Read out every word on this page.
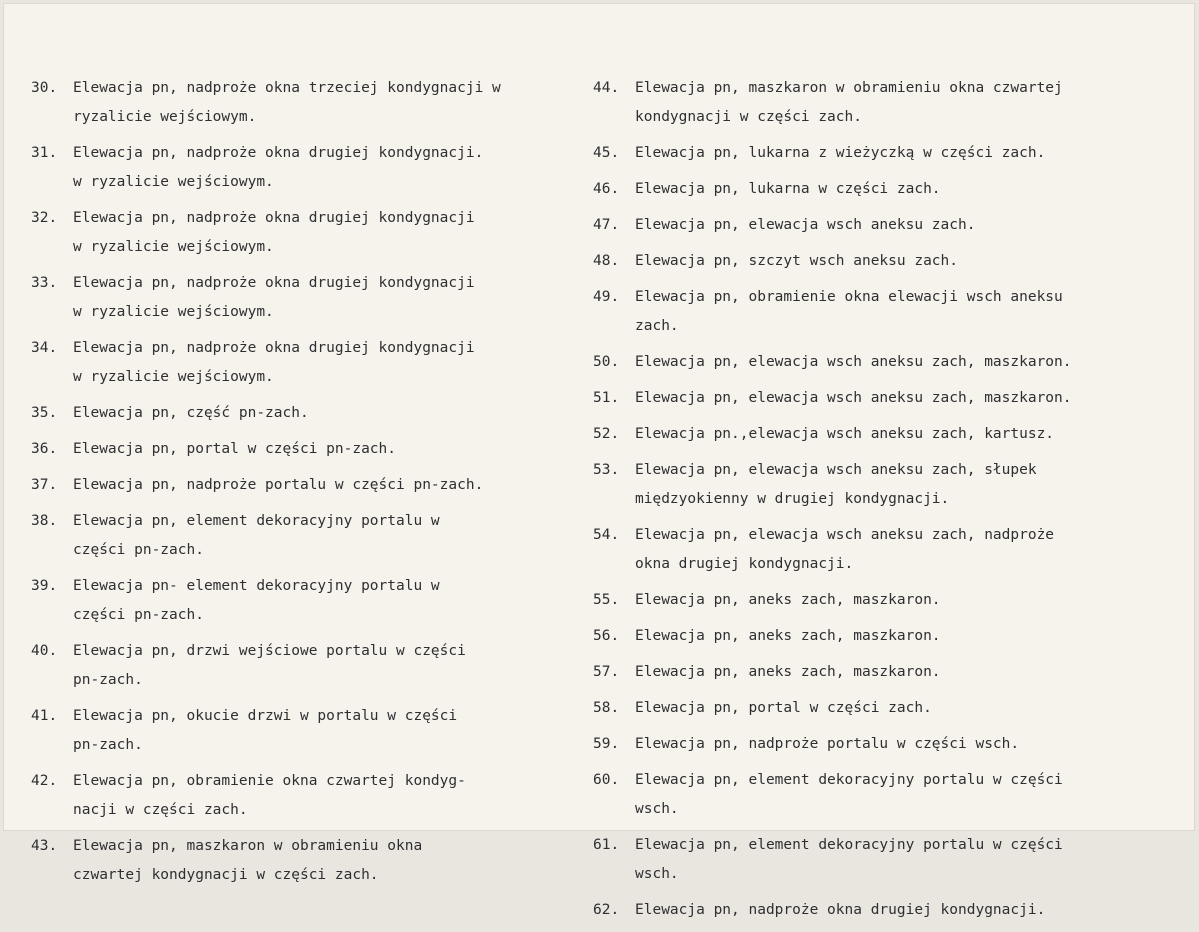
30.	Elewacja pn, nadproże okna trzeciej kondygnacji w
ryzalicie wejściowym.
31.	Elewacja pn, nadproże okna drugiej kondygnacji.
w ryzalicie wejściowym.
32.	Elewacja pn, nadproże okna drugiej kondygnacji
w ryzalicie wejściowym.
33.	Elewacja pn, nadproże okna drugiej kondygnacji
w ryzalicie wejściowym.
34.	Elewacja pn, nadproże okna drugiej kondygnacji
w ryzalicie wejściowym.
35.	Elewacja pn, część pn-zach.
36.	Elewacja pn, portal w części pn-zach.
37.	Elewacja pn, nadproże portalu w części pn-zach.
38.	Elewacja pn, element dekoracyjny portalu w
części pn-zach.
39.	Elewacja pn- element dekoracyjny portalu w
części pn-zach.
40.	Elewacja pn, drzwi wejściowe portalu w części
pn-zach.
41.	Elewacja pn, okucie drzwi w portalu w części
pn-zach.
42.	Elewacja pn, obramienie okna czwartej kondyg-
nacji w części zach.
43.	Elewacja pn, maszkaron w obramieniu okna
czwartej kondygnacji w części zach.
44.	Elewacja pn, maszkaron w obramieniu okna czwartej
kondygnacji w części zach.
45.	Elewacja pn, lukarna z wieżyczką w części zach.
46.	Elewacja pn, lukarna w części zach.
47.	Elewacja pn, elewacja wsch aneksu zach.
48.	Elewacja pn, szczyt wsch aneksu zach.
49.	Elewacja pn, obramienie okna elewacji wsch aneksu
zach.
50.	Elewacja pn, elewacja wsch aneksu zach, maszkaron.
51.	Elewacja pn, elewacja wsch aneksu zach, maszkaron.
52.	Elewacja pn.,elewacja wsch aneksu zach, kartusz.
53.	Elewacja pn, elewacja wsch aneksu zach, słupek
międzyokienny w drugiej kondygnacji.
54.	Elewacja pn, elewacja wsch aneksu zach, nadproże
okna drugiej kondygnacji.
55.	Elewacja pn, aneks zach, maszkaron.
56.	Elewacja pn, aneks zach, maszkaron.
57.	Elewacja pn, aneks zach, maszkaron.
58.	Elewacja pn, portal w części zach.
59.	Elewacja pn, nadproże portalu w części wsch.
60.	Elewacja pn, element dekoracyjny portalu w części
wsch.
61.	Elewacja pn, element dekoracyjny portalu w części
wsch.
62.	Elewacja pn, nadproże okna drugiej kondygnacji.
